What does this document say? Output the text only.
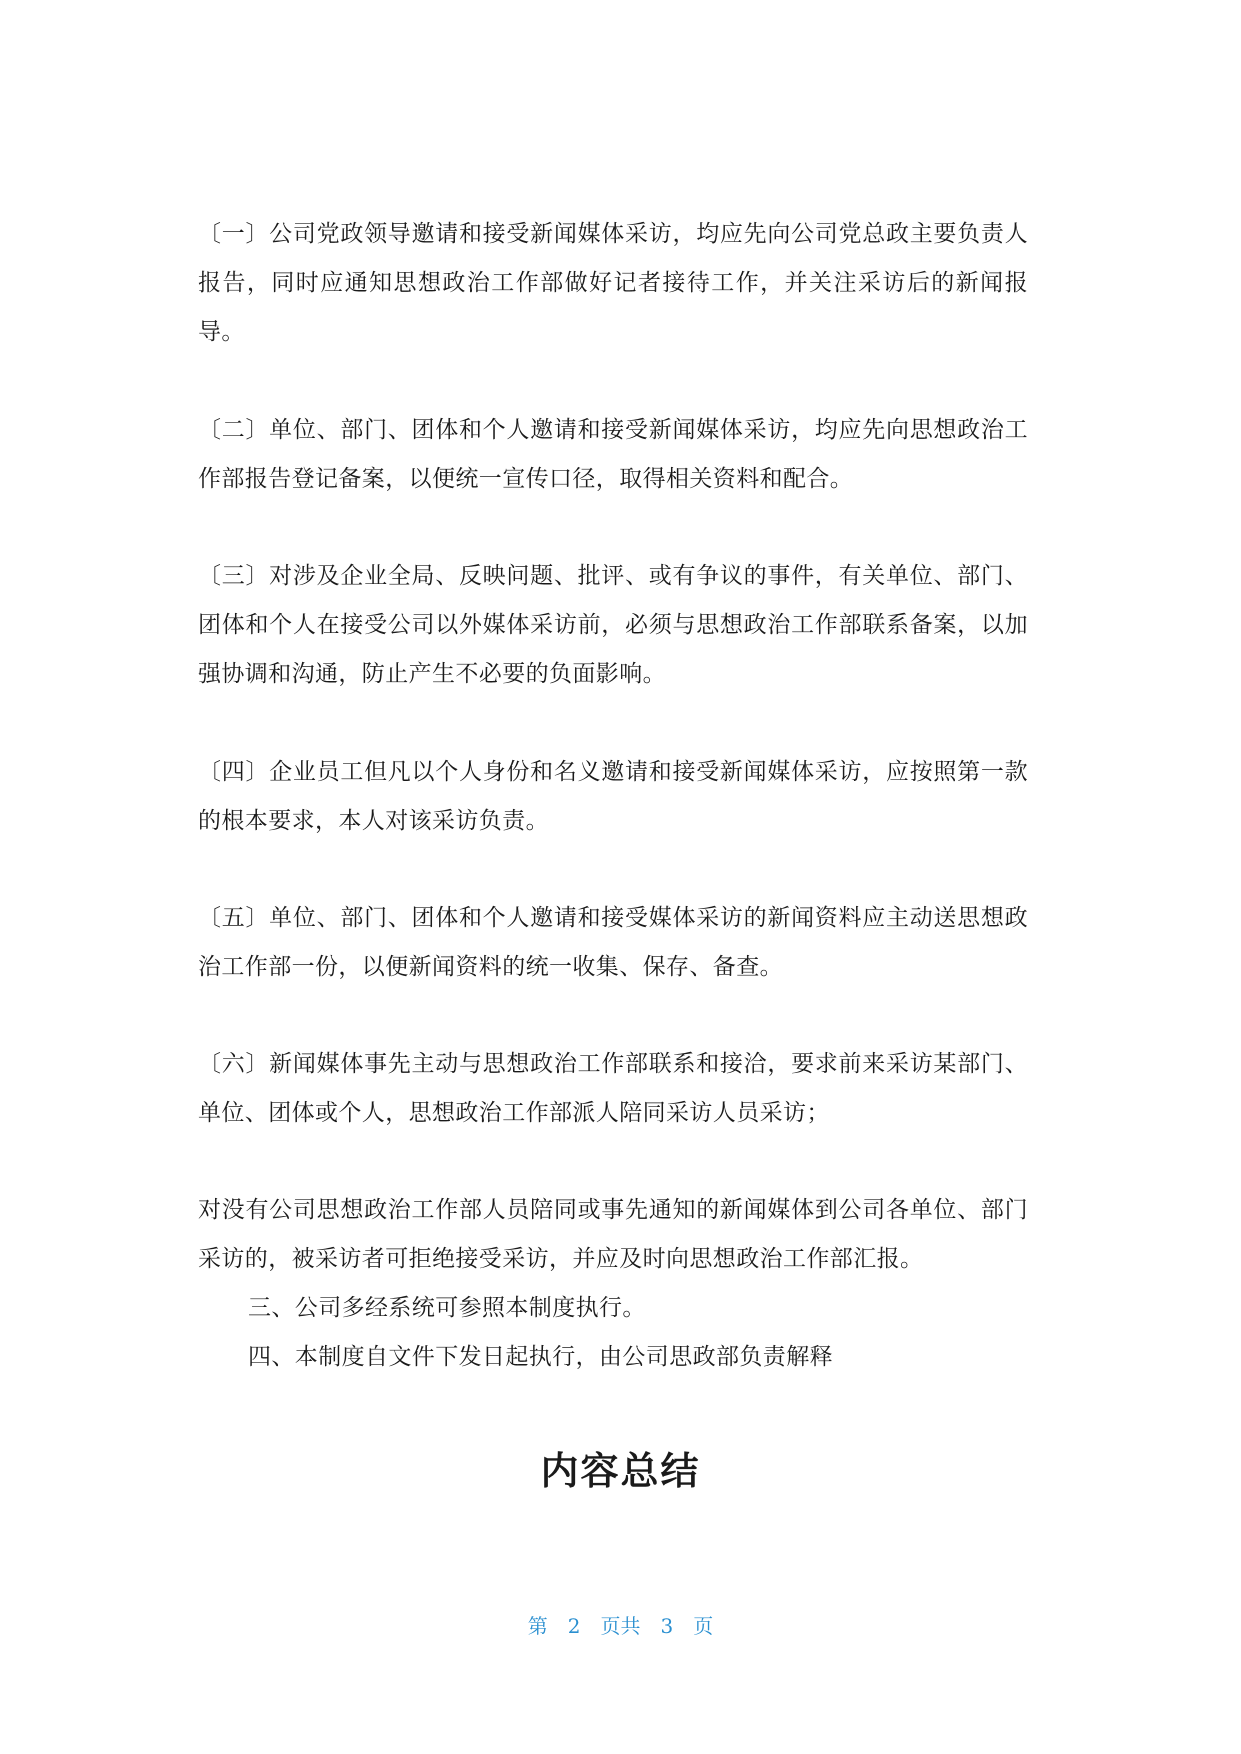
〔一〕公司党政领导邀请和接受新闻媒体采访，均应先向公司党总政主要负责人报告，同时应通知思想政治工作部做好记者接待工作，并关注采访后的新闻报导。

〔二〕单位、部门、团体和个人邀请和接受新闻媒体采访，均应先向思想政治工作部报告登记备案，以便统一宣传口径，取得相关资料和配合。

〔三〕对涉及企业全局、反映问题、批评、或有争议的事件，有关单位、部门、团体和个人在接受公司以外媒体采访前，必须与思想政治工作部联系备案，以加强协调和沟通，防止产生不必要的负面影响。

〔四〕企业员工但凡以个人身份和名义邀请和接受新闻媒体采访，应按照第一款的根本要求，本人对该采访负责。

〔五〕单位、部门、团体和个人邀请和接受媒体采访的新闻资料应主动送思想政治工作部一份，以便新闻资料的统一收集、保存、备查。

〔六〕新闻媒体事先主动与思想政治工作部联系和接洽，要求前来采访某部门、单位、团体或个人，思想政治工作部派人陪同采访人员采访；

对没有公司思想政治工作部人员陪同或事先通知的新闻媒体到公司各单位、部门采访的，被采访者可拒绝接受采访，并应及时向思想政治工作部汇报。

三、公司多经系统可参照本制度执行。

四、本制度自文件下发日起执行，由公司思政部负责解释

内容总结
第 2 页共 3 页
